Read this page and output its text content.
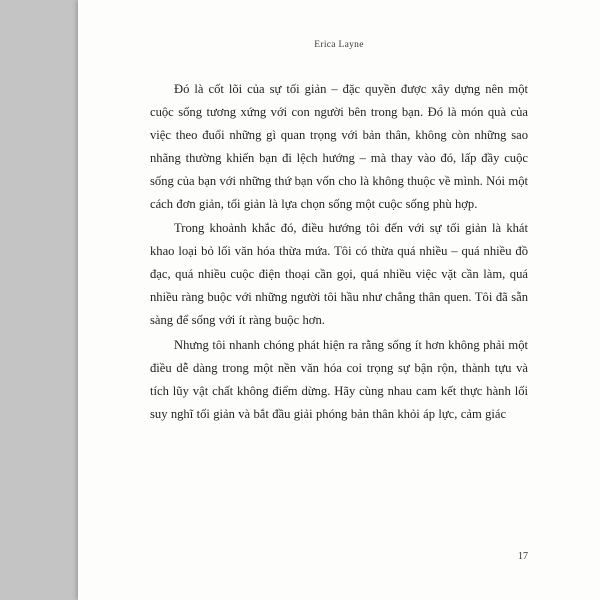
Erica Layne

Đó là cốt lõi của sự tối giản – đặc quyền được xây dựng nên một cuộc sống tương xứng với con người bên trong bạn. Đó là món quà của việc theo đuổi những gì quan trọng với bản thân, không còn những sao nhãng thường khiến bạn đi lệch hướng – mà thay vào đó, lấp đầy cuộc sống của bạn với những thứ bạn vốn cho là không thuộc về mình. Nói một cách đơn giản, tối giản là lựa chọn sống một cuộc sống phù hợp.

Trong khoảnh khắc đó, điều hướng tôi đến với sự tối giản là khát khao loại bỏ lối văn hóa thừa mứa. Tôi có thừa quá nhiều – quá nhiều đồ đạc, quá nhiều cuộc điện thoại cần gọi, quá nhiều việc vặt cần làm, quá nhiều ràng buộc với những người tôi hầu như chẳng thân quen. Tôi đã sẵn sàng để sống với ít ràng buộc hơn.

Nhưng tôi nhanh chóng phát hiện ra rằng sống ít hơn không phải một điều dễ dàng trong một nền văn hóa coi trọng sự bận rộn, thành tựu và tích lũy vật chất không điểm dừng. Hãy cùng nhau cam kết thực hành lối suy nghĩ tối giản và bắt đầu giải phóng bản thân khỏi áp lực, cảm giác

17
